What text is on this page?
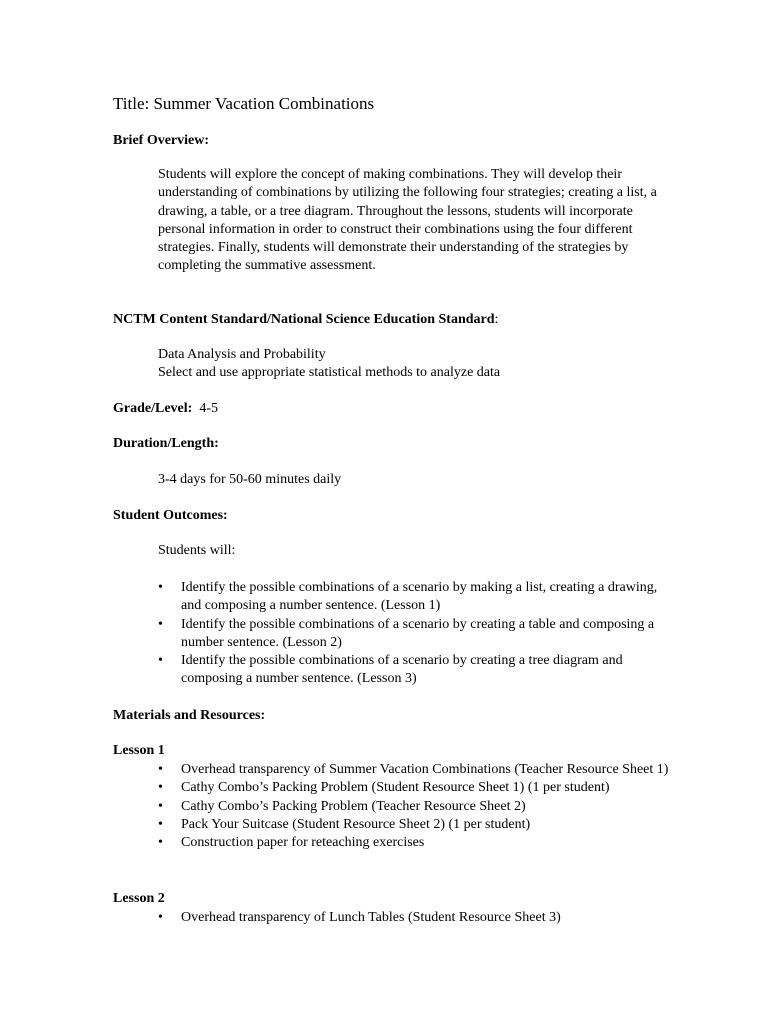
Title: Summer Vacation Combinations
Brief Overview:

Students will explore the concept of making combinations. They will develop their understanding of combinations by utilizing the following four strategies; creating a list, a drawing, a table, or a tree diagram. Throughout the lessons, students will incorporate personal information in order to construct their combinations using the four different strategies. Finally, students will demonstrate their understanding of the strategies by completing the summative assessment.

NCTM Content Standard/National Science Education Standard:

Data Analysis and Probability

Select and use appropriate statistical methods to analyze data

Grade/Level: 4-5
Duration/Length:

3-4 days for 50-60 minutes daily

Student Outcomes:

Students will:

•	Identify the possible combinations of a scenario by making a list, creating a drawing, and composing a number sentence. (Lesson 1)
•	Identify the possible combinations of a scenario by creating a table and composing a number sentence. (Lesson 2)
•	Identify the possible combinations of a scenario by creating a tree diagram and composing a number sentence. (Lesson 3)
Materials and Resources:
Lesson 1
•	Overhead transparency of Summer Vacation Combinations (Teacher Resource Sheet 1)
•	Cathy Combo’s Packing Problem (Student Resource Sheet 1) (1 per student)
•	Cathy Combo’s Packing Problem (Teacher Resource Sheet 2)
•	Pack Your Suitcase (Student Resource Sheet 2) (1 per student)
•	Construction paper for reteaching exercises
Lesson 2
•	Overhead transparency of Lunch Tables (Student Resource Sheet 3)
